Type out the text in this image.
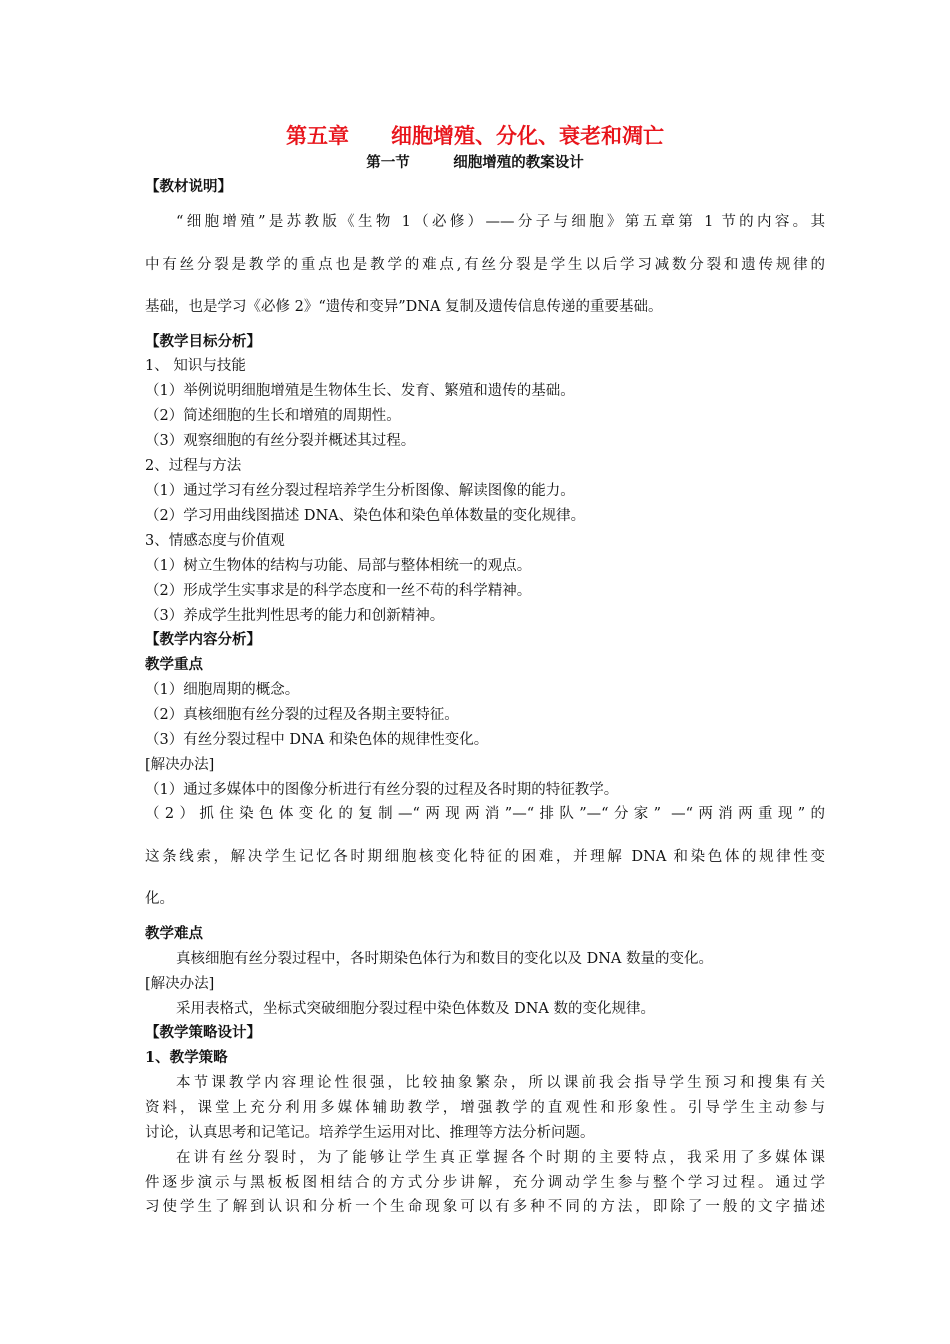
第五章　　细胞增殖、分化、衰老和凋亡
第一节　　　细胞增殖的教案设计
【教材说明】
“细胞增殖”是苏教版《生物 1（必修）——分子与细胞》第五章第 1 节的内容。其
中有丝分裂是教学的重点也是教学的难点,有丝分裂是学生以后学习减数分裂和遗传规律的
基础，也是学习《必修 2》“遗传和变异”DNA 复制及遗传信息传递的重要基础。
【教学目标分析】
1、 知识与技能
（1）举例说明细胞增殖是生物体生长、发育、繁殖和遗传的基础。
（2）简述细胞的生长和增殖的周期性。
（3）观察细胞的有丝分裂并概述其过程。
2、过程与方法
（1）通过学习有丝分裂过程培养学生分析图像、解读图像的能力。
（2）学习用曲线图描述 DNA、染色体和染色单体数量的变化规律。
3、情感态度与价值观
（1）树立生物体的结构与功能、局部与整体相统一的观点。
（2）形成学生实事求是的科学态度和一丝不苟的科学精神。
（3）养成学生批判性思考的能力和创新精神。
【教学内容分析】
教学重点
（1）细胞周期的概念。
（2）真核细胞有丝分裂的过程及各期主要特征。
（3）有丝分裂过程中 DNA 和染色体的规律性变化。
[解决办法]
（1）通过多媒体中的图像分析进行有丝分裂的过程及各时期的特征教学。
（2）抓住染色体变化的复制—“两现两消”—“排队”—“分家” —“两消两重现”的
这条线索，解决学生记忆各时期细胞核变化特征的困难，并理解 DNA 和染色体的规律性变
化。
教学难点
真核细胞有丝分裂过程中，各时期染色体行为和数目的变化以及 DNA 数量的变化。
[解决办法]
采用表格式，坐标式突破细胞分裂过程中染色体数及 DNA 数的变化规律。
【教学策略设计】
1、教学策略
本节课教学内容理论性很强，比较抽象繁杂，所以课前我会指导学生预习和搜集有关
资料，课堂上充分利用多媒体辅助教学，增强教学的直观性和形象性。引导学生主动参与
讨论，认真思考和记笔记。培养学生运用对比、推理等方法分析问题。
在讲有丝分裂时，为了能够让学生真正掌握各个时期的主要特点，我采用了多媒体课
件逐步演示与黑板板图相结合的方式分步讲解，充分调动学生参与整个学习过程。通过学
习使学生了解到认识和分析一个生命现象可以有多种不同的方法，即除了一般的文字描述
